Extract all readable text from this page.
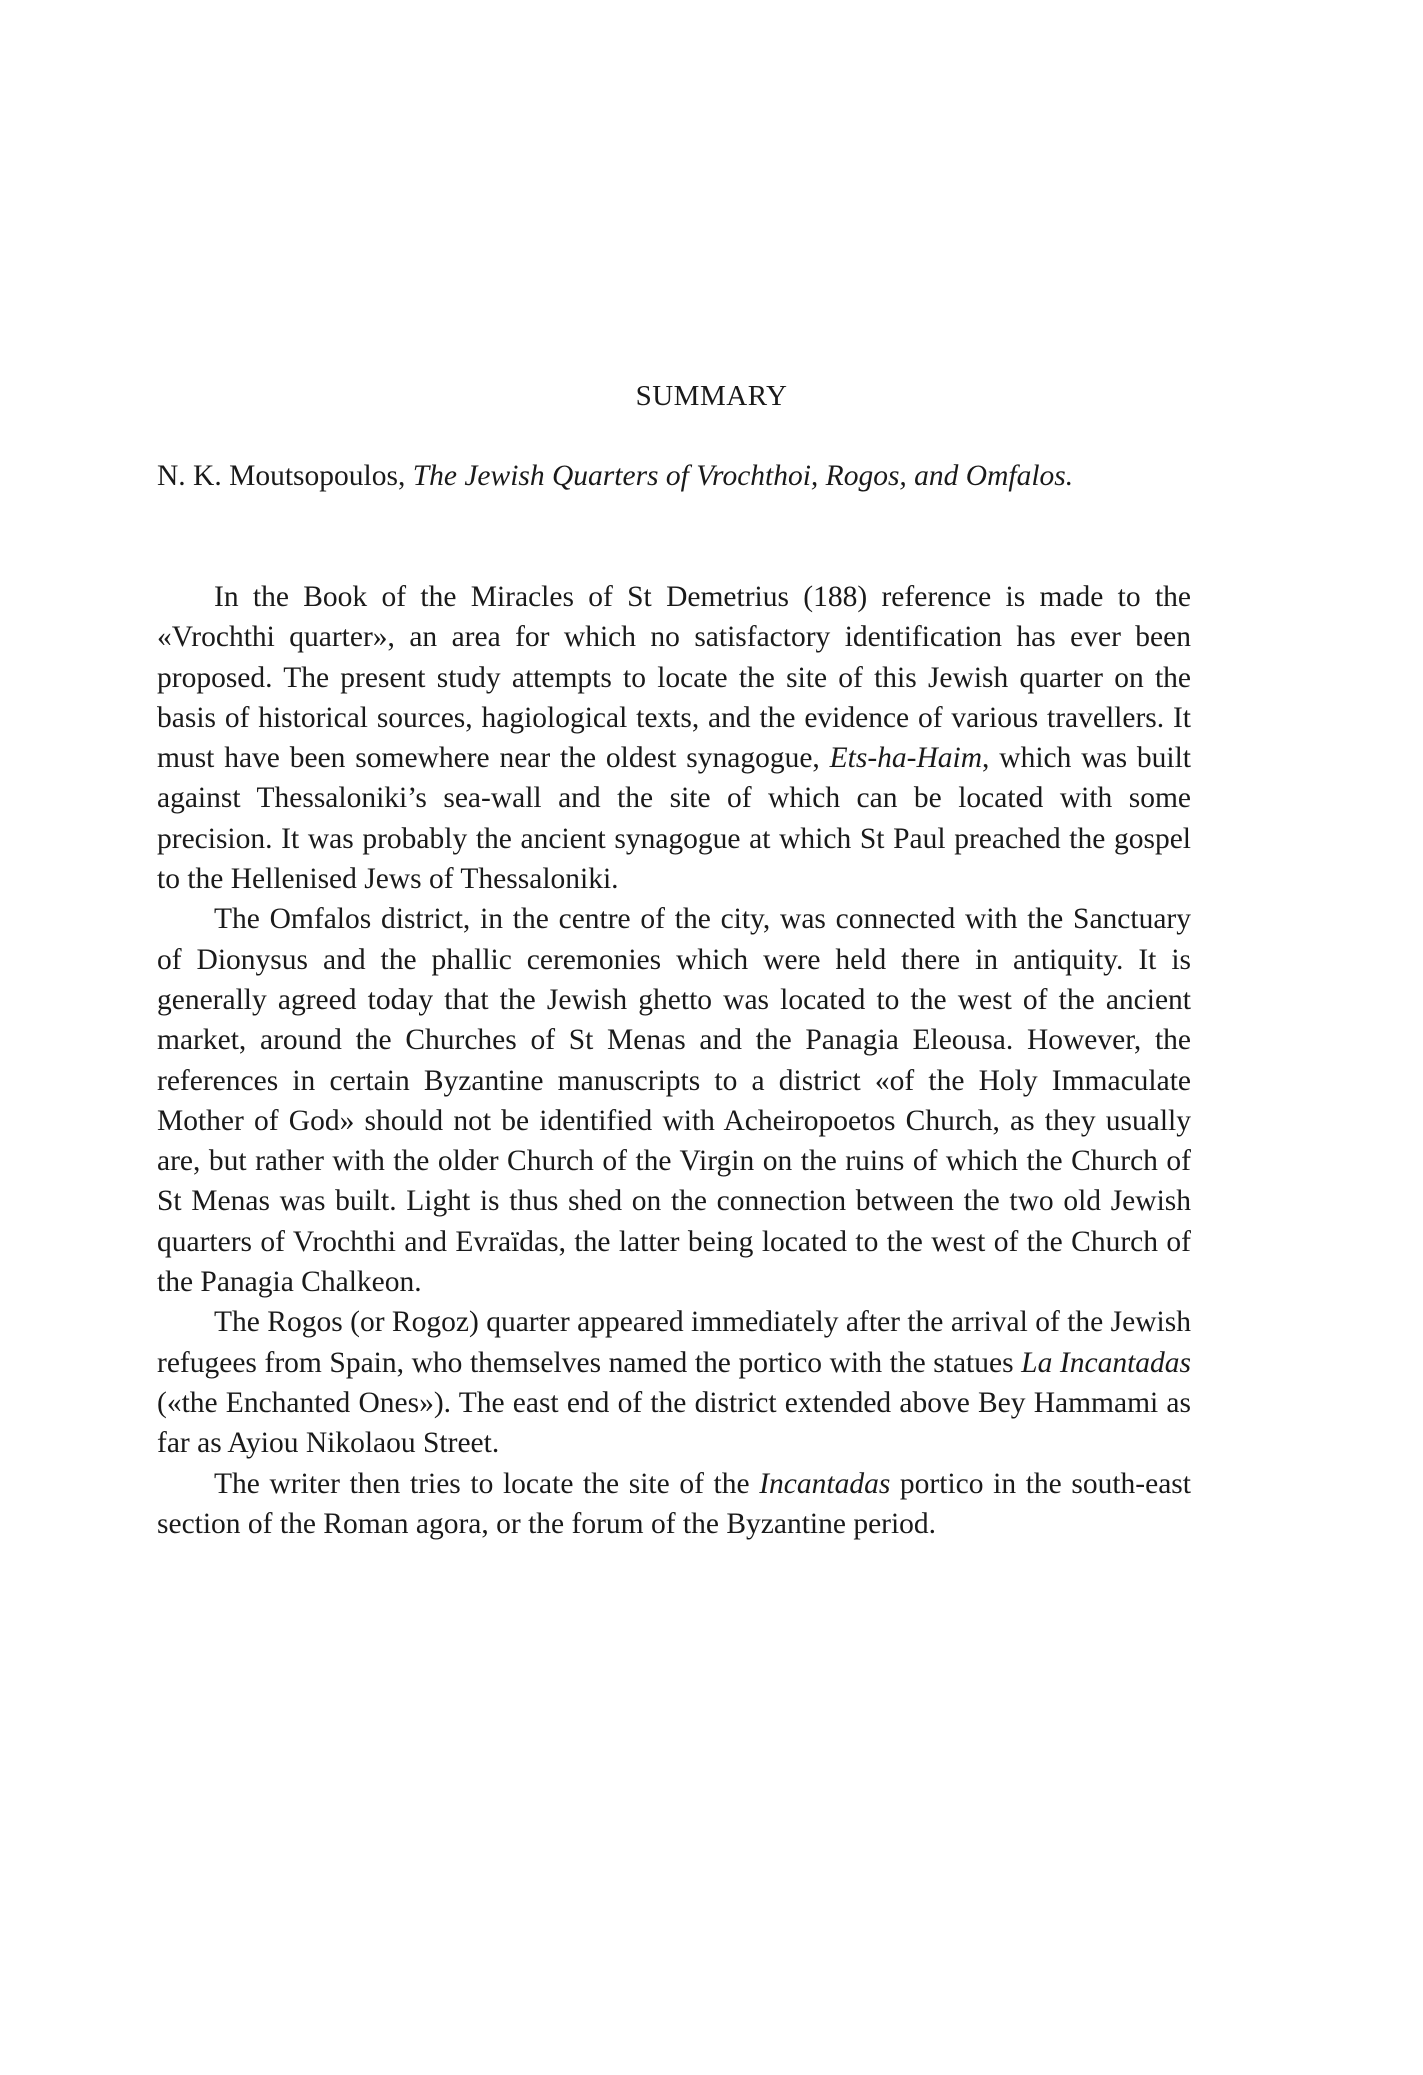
SUMMARY
N. K. Moutsopoulos, The Jewish Quarters of Vrochthoi, Rogos, and Omfalos.

In the Book of the Miracles of St Demetrius (188) reference is made to the «Vrochthi quarter», an area for which no satisfactory identification has ever been proposed. The present study attempts to locate the site of this Jewish quarter on the basis of historical sources, hagiological texts, and the evidence of various travellers. It must have been somewhere near the oldest synagogue, Ets-ha-Haim, which was built against Thessaloniki’s sea-wall and the site of which can be located with some precision. It was probably the ancient synagogue at which St Paul preached the gospel to the Hellenised Jews of Thessaloniki.

The Omfalos district, in the centre of the city, was connected with the Sanctuary of Dionysus and the phallic ceremonies which were held there in antiquity. It is generally agreed today that the Jewish ghetto was located to the west of the ancient market, around the Churches of St Menas and the Panagia Eleousa. However, the references in certain Byzantine manuscripts to a district «of the Holy Immaculate Mother of God» should not be identified with Acheiropoetos Church, as they usually are, but rather with the older Church of the Virgin on the ruins of which the Church of St Menas was built. Light is thus shed on the connection between the two old Jewish quarters of Vrochthi and Evraïdas, the latter being located to the west of the Church of the Panagia Chalkeon.

The Rogos (or Rogoz) quarter appeared immediately after the arrival of the Jewish refugees from Spain, who themselves named the portico with the statues La Incantadas («the Enchanted Ones»). The east end of the district extended above Bey Hammami as far as Ayiou Nikolaou Street.

The writer then tries to locate the site of the Incantadas portico in the south-east section of the Roman agora, or the forum of the Byzantine period.
